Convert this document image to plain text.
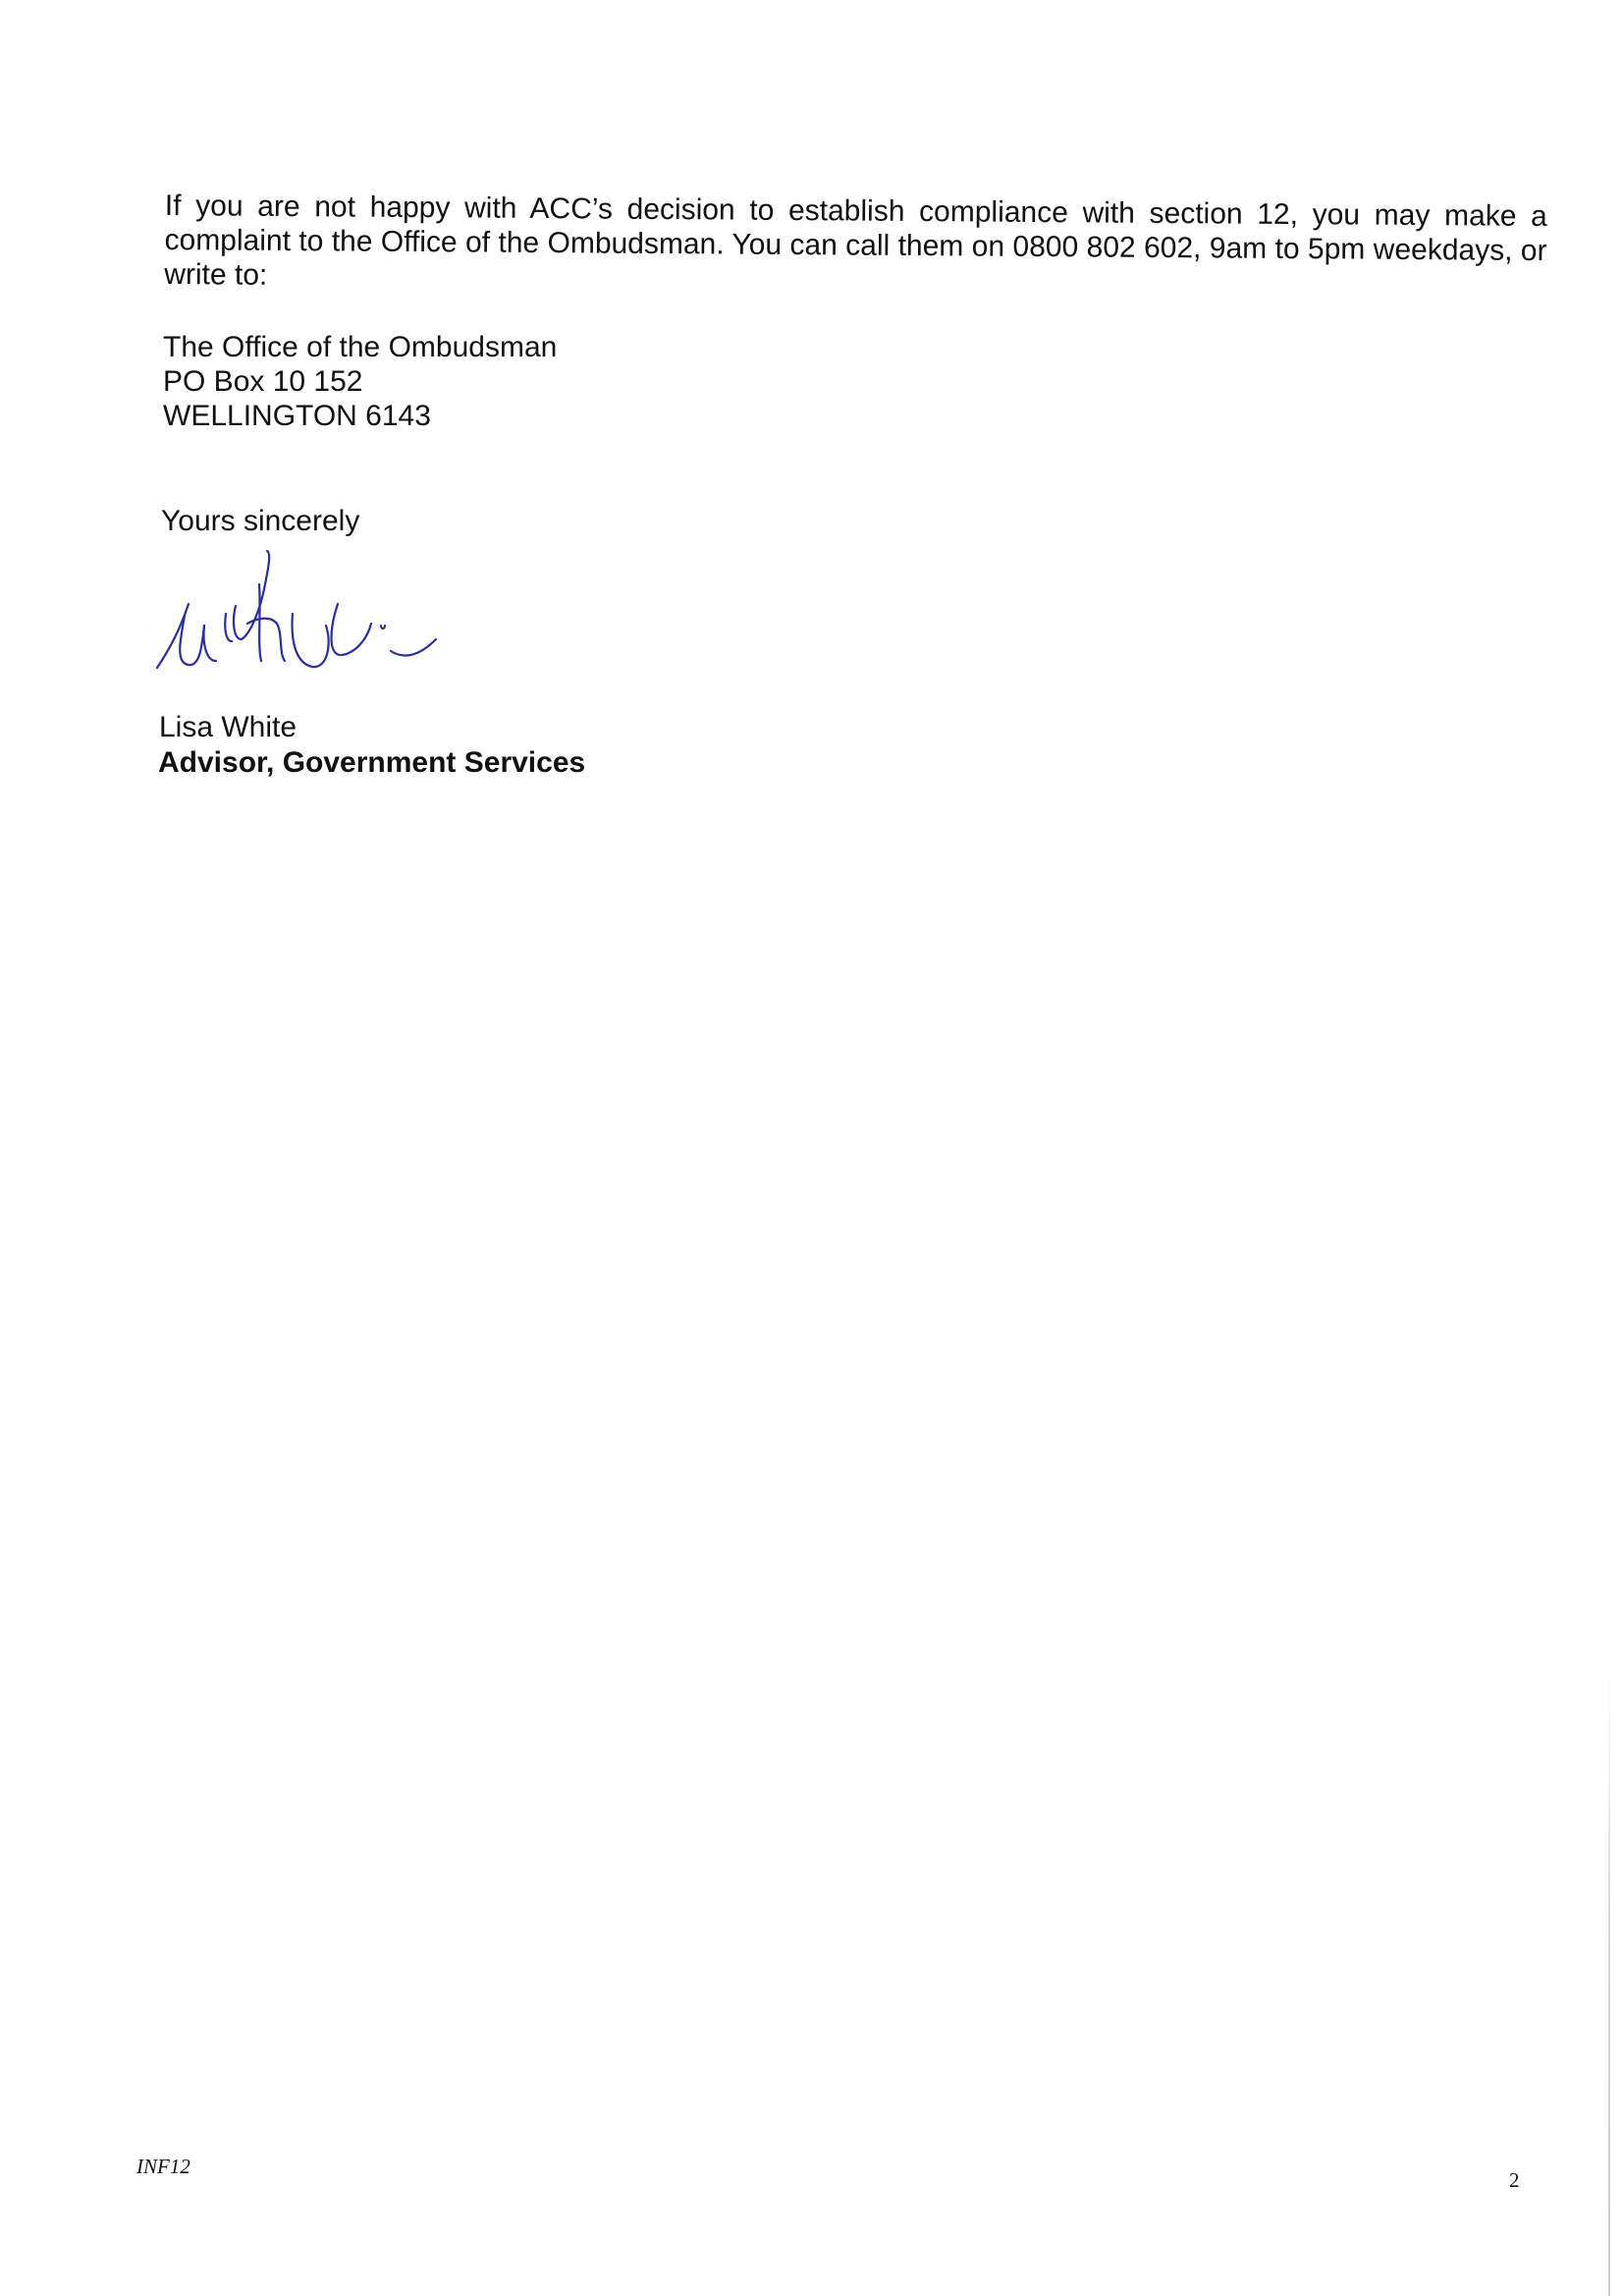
If you are not happy with ACC’s decision to establish compliance with section 12, you may make a complaint to the Office of the Ombudsman. You can call them on 0800 802 602, 9am to 5pm weekdays, or write to:
The Office of the Ombudsman
PO Box 10 152
WELLINGTON 6143
Yours sincerely
Lisa White
Advisor, Government Services
INF12
2
